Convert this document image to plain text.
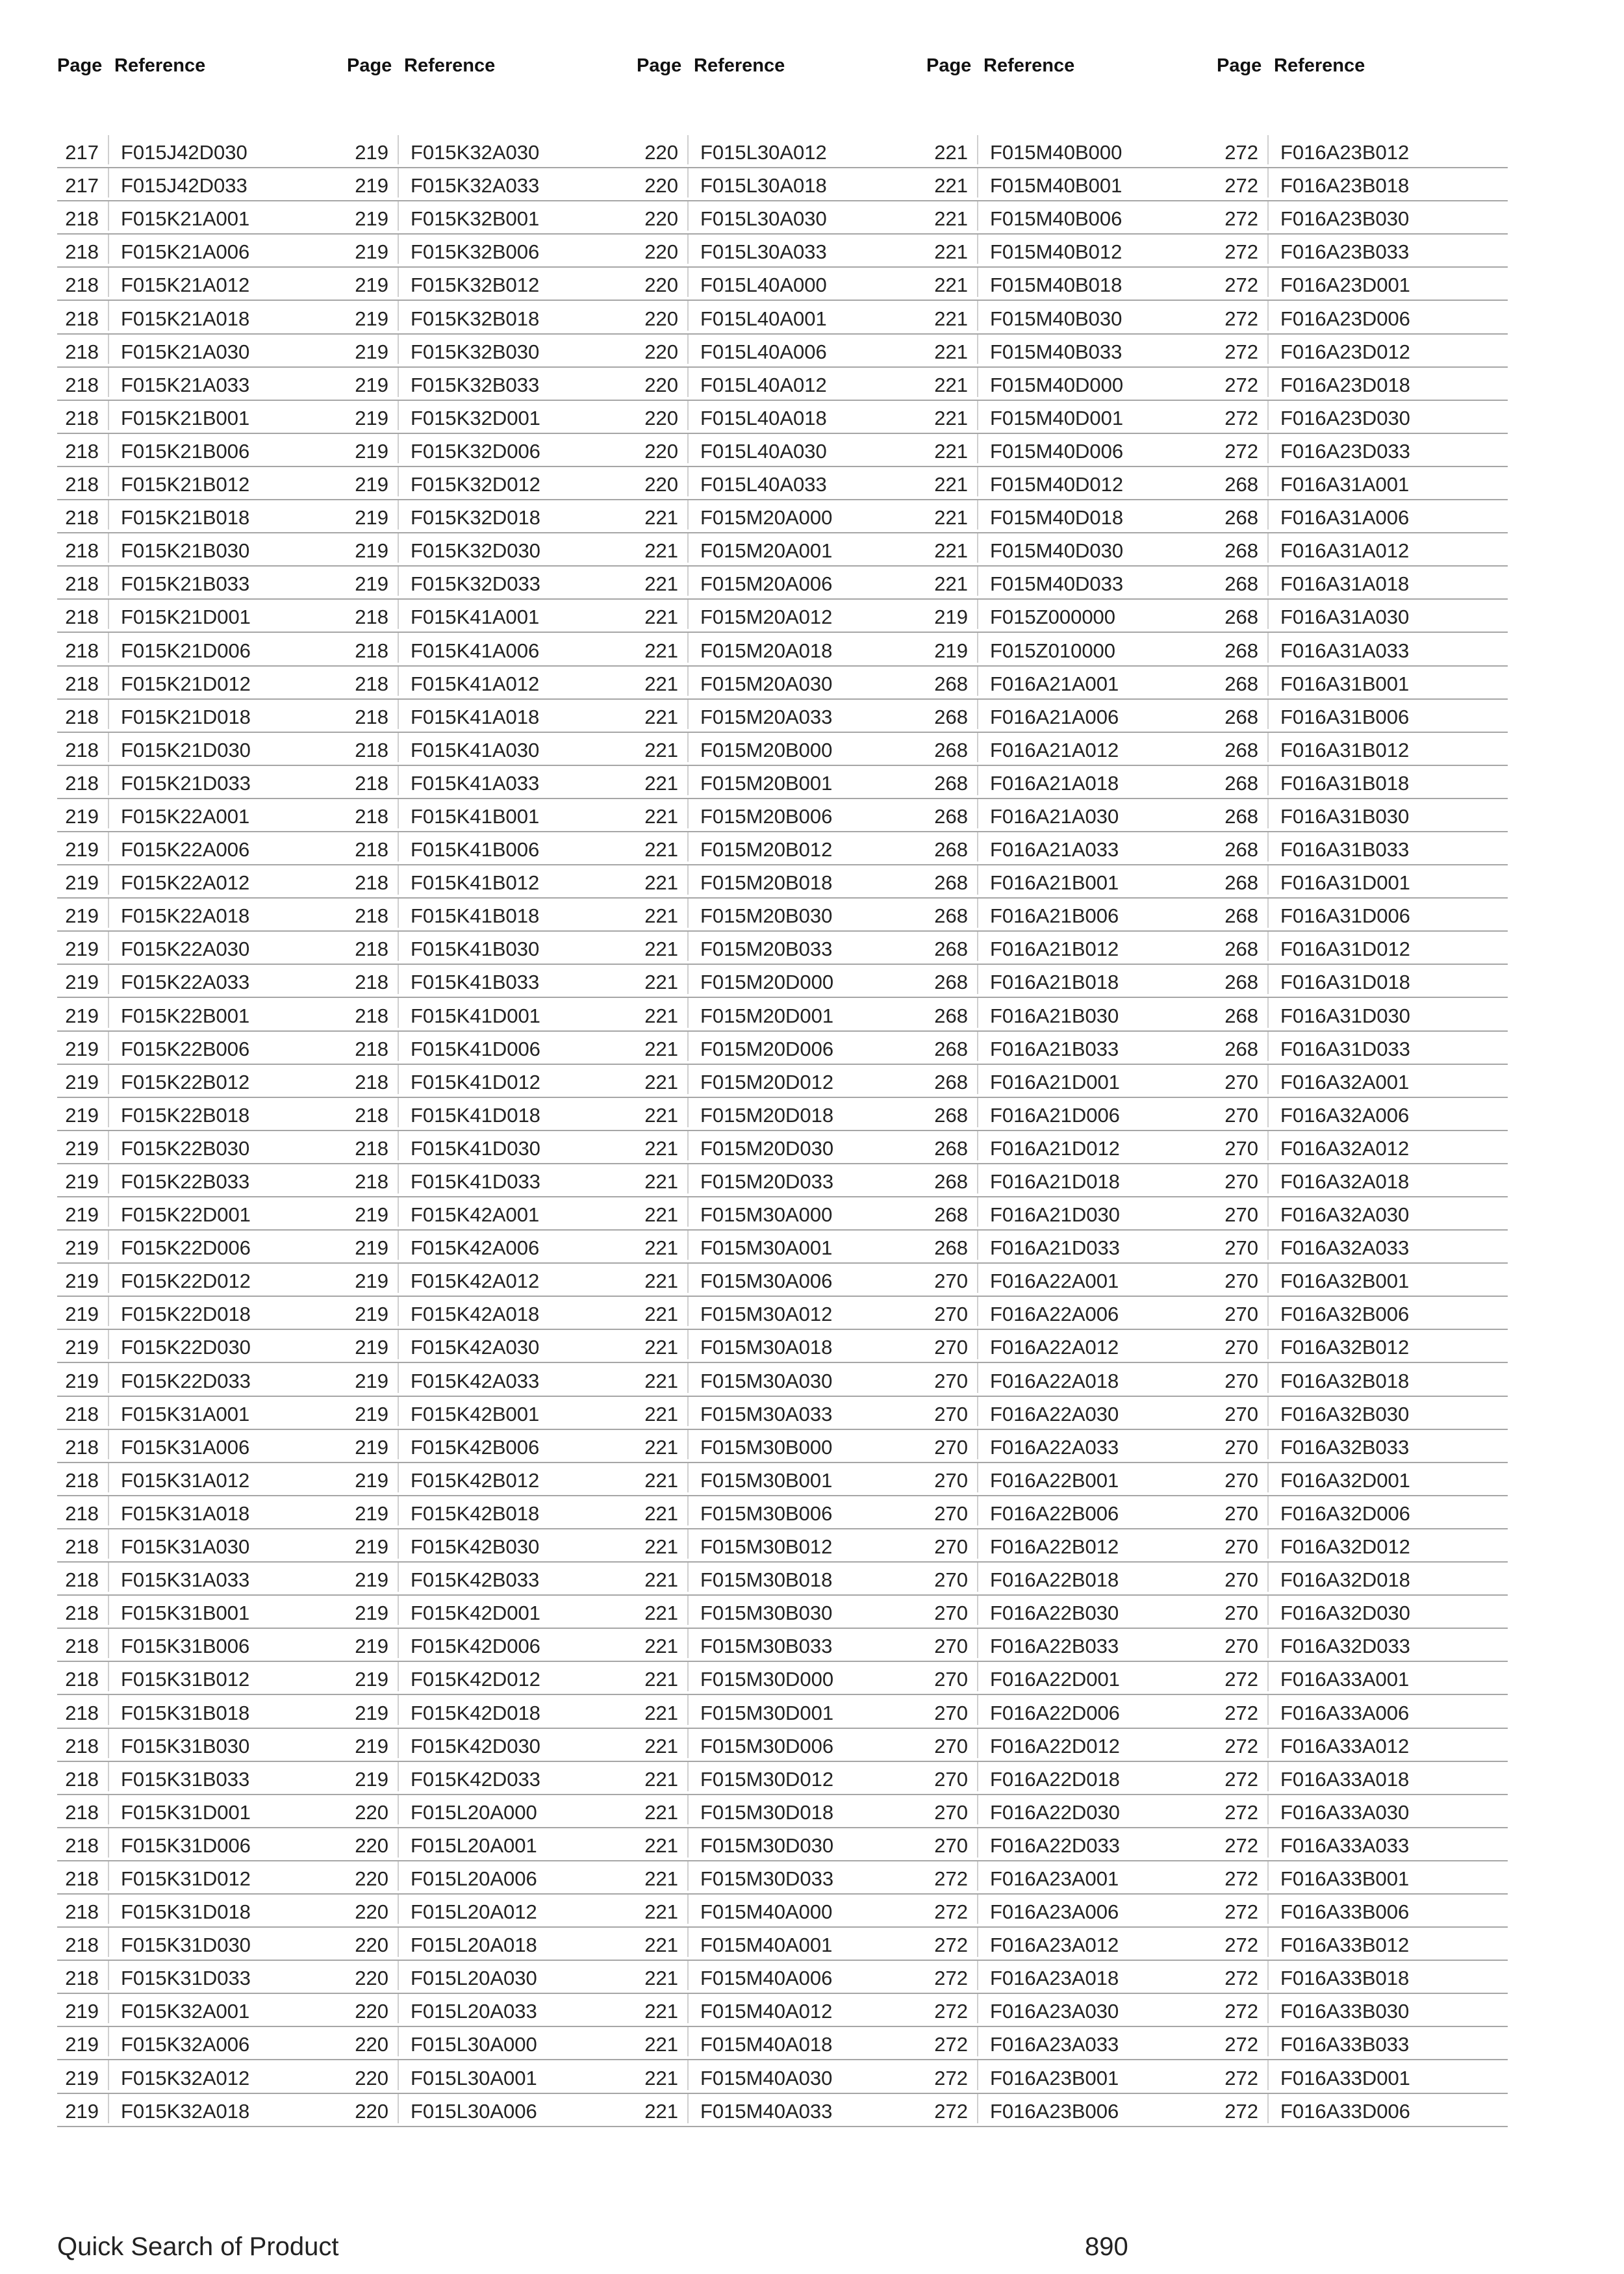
Page Reference
217	F015J42D030
217	F015J42D033
218	F015K21A001
218	F015K21A006
218	F015K21A012
218	F015K21A018
218	F015K21A030
218	F015K21A033
218	F015K21B001
218	F015K21B006
218	F015K21B012
218	F015K21B018
218	F015K21B030
218	F015K21B033
218	F015K21D001
218	F015K21D006
218	F015K21D012
218	F015K21D018
218	F015K21D030
218	F015K21D033
219	F015K22A001
219	F015K22A006
219	F015K22A012
219	F015K22A018
219	F015K22A030
219	F015K22A033
219	F015K22B001
219	F015K22B006
219	F015K22B012
219	F015K22B018
219	F015K22B030
219	F015K22B033
219	F015K22D001
219	F015K22D006
219	F015K22D012
219	F015K22D018
219	F015K22D030
219	F015K22D033
218	F015K31A001
218	F015K31A006
218	F015K31A012
218	F015K31A018
218	F015K31A030
218	F015K31A033
218	F015K31B001
218	F015K31B006
218	F015K31B012
218	F015K31B018
218	F015K31B030
218	F015K31B033
218	F015K31D001
218	F015K31D006
218	F015K31D012
218	F015K31D018
218	F015K31D030
218	F015K31D033
219	F015K32A001
219	F015K32A006
219	F015K32A012
219	F015K32A018
Page Reference
219	F015K32A030
219	F015K32A033
219	F015K32B001
219	F015K32B006
219	F015K32B012
219	F015K32B018
219	F015K32B030
219	F015K32B033
219	F015K32D001
219	F015K32D006
219	F015K32D012
219	F015K32D018
219	F015K32D030
219	F015K32D033
218	F015K41A001
218	F015K41A006
218	F015K41A012
218	F015K41A018
218	F015K41A030
218	F015K41A033
218	F015K41B001
218	F015K41B006
218	F015K41B012
218	F015K41B018
218	F015K41B030
218	F015K41B033
218	F015K41D001
218	F015K41D006
218	F015K41D012
218	F015K41D018
218	F015K41D030
218	F015K41D033
219	F015K42A001
219	F015K42A006
219	F015K42A012
219	F015K42A018
219	F015K42A030
219	F015K42A033
219	F015K42B001
219	F015K42B006
219	F015K42B012
219	F015K42B018
219	F015K42B030
219	F015K42B033
219	F015K42D001
219	F015K42D006
219	F015K42D012
219	F015K42D018
219	F015K42D030
219	F015K42D033
220	F015L20A000
220	F015L20A001
220	F015L20A006
220	F015L20A012
220	F015L20A018
220	F015L20A030
220	F015L20A033
220	F015L30A000
220	F015L30A001
220	F015L30A006
Page Reference
220	F015L30A012
220	F015L30A018
220	F015L30A030
220	F015L30A033
220	F015L40A000
220	F015L40A001
220	F015L40A006
220	F015L40A012
220	F015L40A018
220	F015L40A030
220	F015L40A033
221	F015M20A000
221	F015M20A001
221	F015M20A006
221	F015M20A012
221	F015M20A018
221	F015M20A030
221	F015M20A033
221	F015M20B000
221	F015M20B001
221	F015M20B006
221	F015M20B012
221	F015M20B018
221	F015M20B030
221	F015M20B033
221	F015M20D000
221	F015M20D001
221	F015M20D006
221	F015M20D012
221	F015M20D018
221	F015M20D030
221	F015M20D033
221	F015M30A000
221	F015M30A001
221	F015M30A006
221	F015M30A012
221	F015M30A018
221	F015M30A030
221	F015M30A033
221	F015M30B000
221	F015M30B001
221	F015M30B006
221	F015M30B012
221	F015M30B018
221	F015M30B030
221	F015M30B033
221	F015M30D000
221	F015M30D001
221	F015M30D006
221	F015M30D012
221	F015M30D018
221	F015M30D030
221	F015M30D033
221	F015M40A000
221	F015M40A001
221	F015M40A006
221	F015M40A012
221	F015M40A018
221	F015M40A030
221	F015M40A033
Page Reference
221	F015M40B000
221	F015M40B001
221	F015M40B006
221	F015M40B012
221	F015M40B018
221	F015M40B030
221	F015M40B033
221	F015M40D000
221	F015M40D001
221	F015M40D006
221	F015M40D012
221	F015M40D018
221	F015M40D030
221	F015M40D033
219	F015Z000000
219	F015Z010000
268	F016A21A001
268	F016A21A006
268	F016A21A012
268	F016A21A018
268	F016A21A030
268	F016A21A033
268	F016A21B001
268	F016A21B006
268	F016A21B012
268	F016A21B018
268	F016A21B030
268	F016A21B033
268	F016A21D001
268	F016A21D006
268	F016A21D012
268	F016A21D018
268	F016A21D030
268	F016A21D033
270	F016A22A001
270	F016A22A006
270	F016A22A012
270	F016A22A018
270	F016A22A030
270	F016A22A033
270	F016A22B001
270	F016A22B006
270	F016A22B012
270	F016A22B018
270	F016A22B030
270	F016A22B033
270	F016A22D001
270	F016A22D006
270	F016A22D012
270	F016A22D018
270	F016A22D030
270	F016A22D033
272	F016A23A001
272	F016A23A006
272	F016A23A012
272	F016A23A018
272	F016A23A030
272	F016A23A033
272	F016A23B001
272	F016A23B006
Page Reference
272	F016A23B012
272	F016A23B018
272	F016A23B030
272	F016A23B033
272	F016A23D001
272	F016A23D006
272	F016A23D012
272	F016A23D018
272	F016A23D030
272	F016A23D033
268	F016A31A001
268	F016A31A006
268	F016A31A012
268	F016A31A018
268	F016A31A030
268	F016A31A033
268	F016A31B001
268	F016A31B006
268	F016A31B012
268	F016A31B018
268	F016A31B030
268	F016A31B033
268	F016A31D001
268	F016A31D006
268	F016A31D012
268	F016A31D018
268	F016A31D030
268	F016A31D033
270	F016A32A001
270	F016A32A006
270	F016A32A012
270	F016A32A018
270	F016A32A030
270	F016A32A033
270	F016A32B001
270	F016A32B006
270	F016A32B012
270	F016A32B018
270	F016A32B030
270	F016A32B033
270	F016A32D001
270	F016A32D006
270	F016A32D012
270	F016A32D018
270	F016A32D030
270	F016A32D033
272	F016A33A001
272	F016A33A006
272	F016A33A012
272	F016A33A018
272	F016A33A030
272	F016A33A033
272	F016A33B001
272	F016A33B006
272	F016A33B012
272	F016A33B018
272	F016A33B030
272	F016A33B033
272	F016A33D001
272	F016A33D006
Quick Search of Product	890
